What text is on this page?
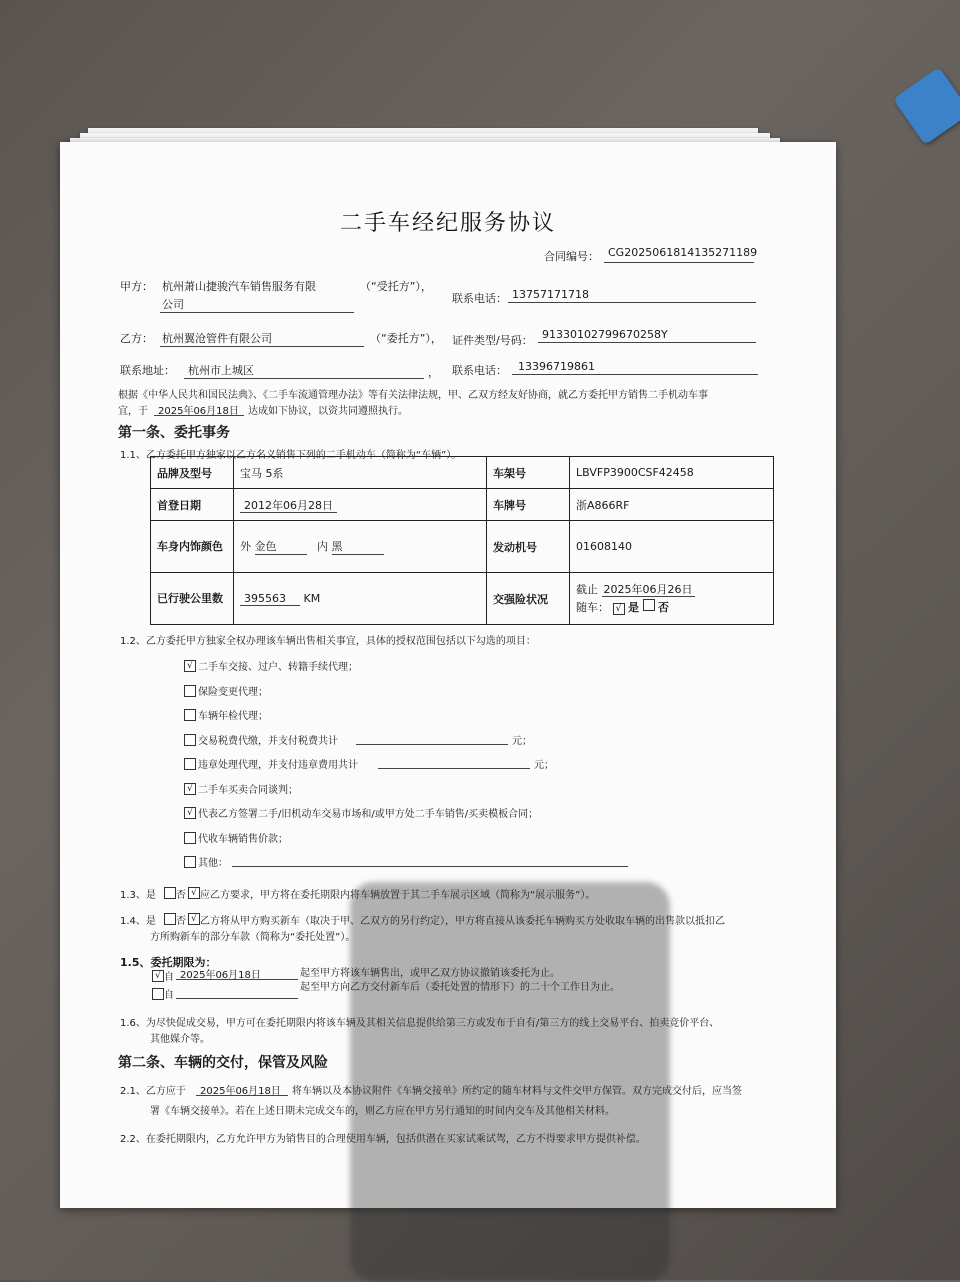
二手车经纪服务协议
合同编号： CG2025061814135271189
甲方： 杭州萧山捷骏汽车销售服务有限
公司
（“受托方”），
联系电话： 13757171718
乙方： 杭州翼沧管件有限公司	（“委托方”）， 证件类型/号码： 91330102799670258Y
联系地址： 杭州市上城区	， 联系电话： 13396719861
根据《中华人民共和国民法典》、《二手车流通管理办法》等有关法律法规，甲、乙双方经友好协商，就乙方委托甲方销售二手机动车事
宜，于 2025年06月18日 达成如下协议，以资共同遵照执行。
第一条、委托事务
1.1、乙方委托甲方独家以乙方名义销售下列的二手机动车（简称为“车辆”）。
品牌及型号	宝马 5系	车架号	LBVFP3900CSF42458
首登日期	2012年06月28日	车牌号	浙A866RF
车身内饰颜色	外 金色 内 黑	发动机号	01608140
已行驶公里数	395563 KM	交强险状况	截止 2025年06月26日
随车： √ 是 否
1.2、乙方委托甲方独家全权办理该车辆出售相关事宜，具体的授权范围包括以下勾选的项目：
√ 二手车交接、过户、转籍手续代理；
保险变更代理；
车辆年检代理；
交易税费代缴，并支付税费共计	元；
违章处理代理，并支付违章费用共计	元；
√ 二手车买卖合同谈判；
√ 代表乙方签署二手/旧机动车交易市场和/或甲方处二手车销售/买卖模板合同；
代收车辆销售价款；
其他：
1.3、是 否 √ 应乙方要求，甲方将在委托期限内将车辆放置于其二手车展示区域（简称为“展示服务”）。
1.4、是 否 √ 乙方将从甲方购买新车（取决于甲、乙双方的另行约定），甲方将直接从该委托车辆购买方处收取车辆的出售款以抵扣乙
方所购新车的部分车款（简称为“委托处置”）。
1.5、委托期限为：
√ 自 2025年06月18日	起至甲方将该车辆售出，或甲乙双方协议撤销该委托为止。
自
起至甲方向乙方交付新车后（委托处置的情形下）的二十个工作日为止。
1.6、为尽快促成交易，甲方可在委托期限内将该车辆及其相关信息提供给第三方或发布于自有/第三方的线上交易平台、拍卖竞价平台、
其他媒介等。
第二条、车辆的交付，保管及风险
2.1、乙方应于 2025年06月18日 将车辆以及本协议附件《车辆交接单》所约定的随车材料与文件交甲方保管。双方完成交付后，应当签
署《车辆交接单》。若在上述日期未完成交车的，则乙方应在甲方另行通知的时间内交车及其他相关材料。
2.2、在委托期限内，乙方允许甲方为销售目的合理使用车辆，包括供潜在买家试乘试驾，乙方不得要求甲方提供补偿。
